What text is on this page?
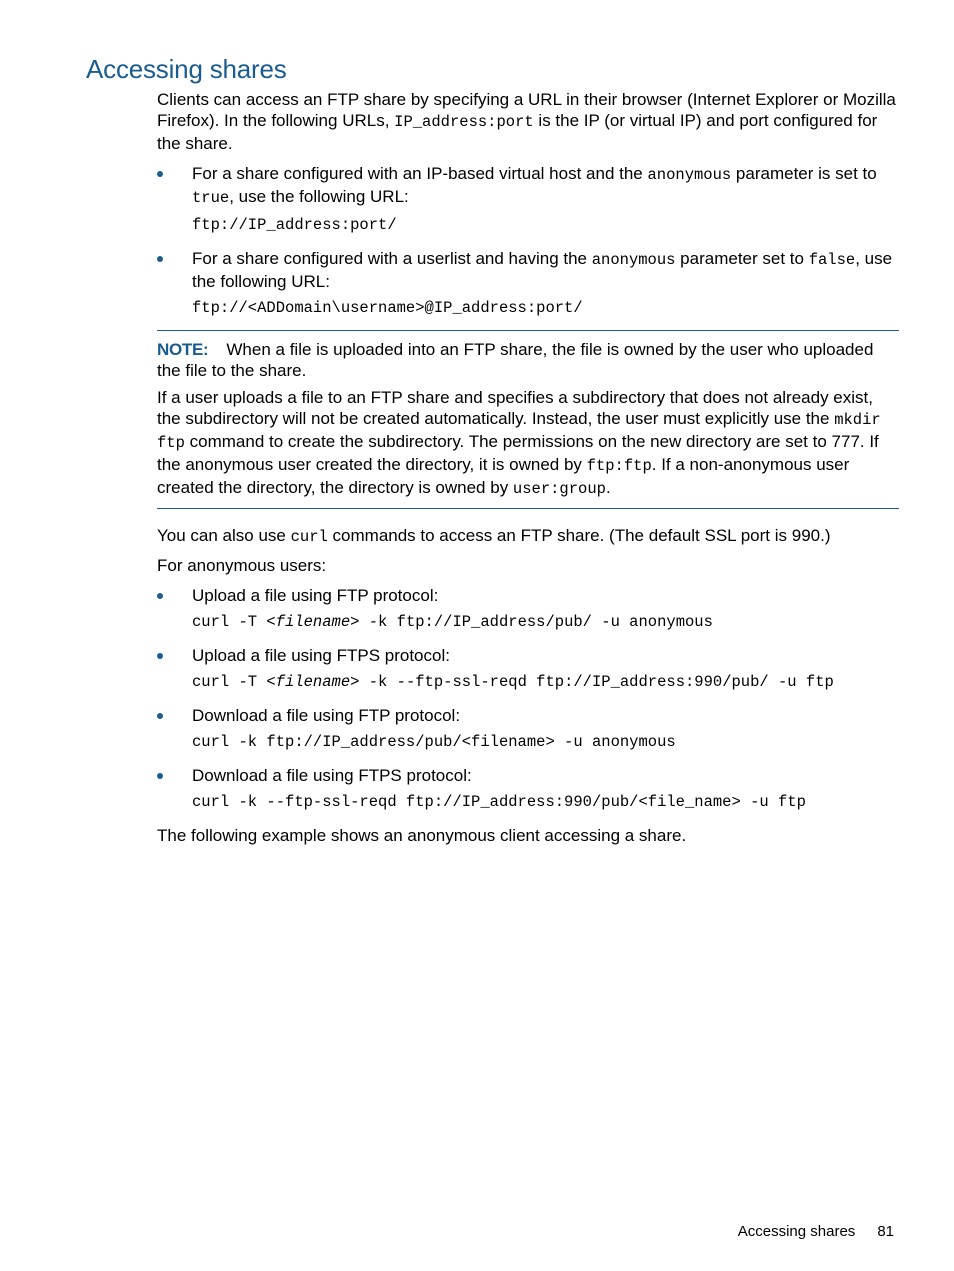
Accessing shares

Clients can access an FTP share by specifying a URL in their browser (Internet Explorer or Mozilla Firefox). In the following URLs, IP_address:port is the IP (or virtual IP) and port configured for the share.

For a share configured with an IP-based virtual host and the anonymous parameter is set to true, use the following URL:
ftp://IP_address:port/
For a share configured with a userlist and having the anonymous parameter set to false, use the following URL:
ftp://<ADDomain\username>@IP_address:port/

NOTE: When a file is uploaded into an FTP share, the file is owned by the user who uploaded the file to the share.

If a user uploads a file to an FTP share and specifies a subdirectory that does not already exist, the subdirectory will not be created automatically. Instead, the user must explicitly use the mkdir ftp command to create the subdirectory. The permissions on the new directory are set to 777. If the anonymous user created the directory, it is owned by ftp:ftp. If a non-anonymous user created the directory, the directory is owned by user:group.

You can also use curl commands to access an FTP share. (The default SSL port is 990.)

For anonymous users:

Upload a file using FTP protocol:
curl -T <filename> -k ftp://IP_address/pub/ -u anonymous
Upload a file using FTPS protocol:
curl -T <filename> -k --ftp-ssl-reqd ftp://IP_address:990/pub/ -u ftp
Download a file using FTP protocol:
curl -k ftp://IP_address/pub/<filename> -u anonymous
Download a file using FTPS protocol:
curl -k --ftp-ssl-reqd ftp://IP_address:990/pub/<file_name> -u ftp

The following example shows an anonymous client accessing a share.

Accessing shares 81
